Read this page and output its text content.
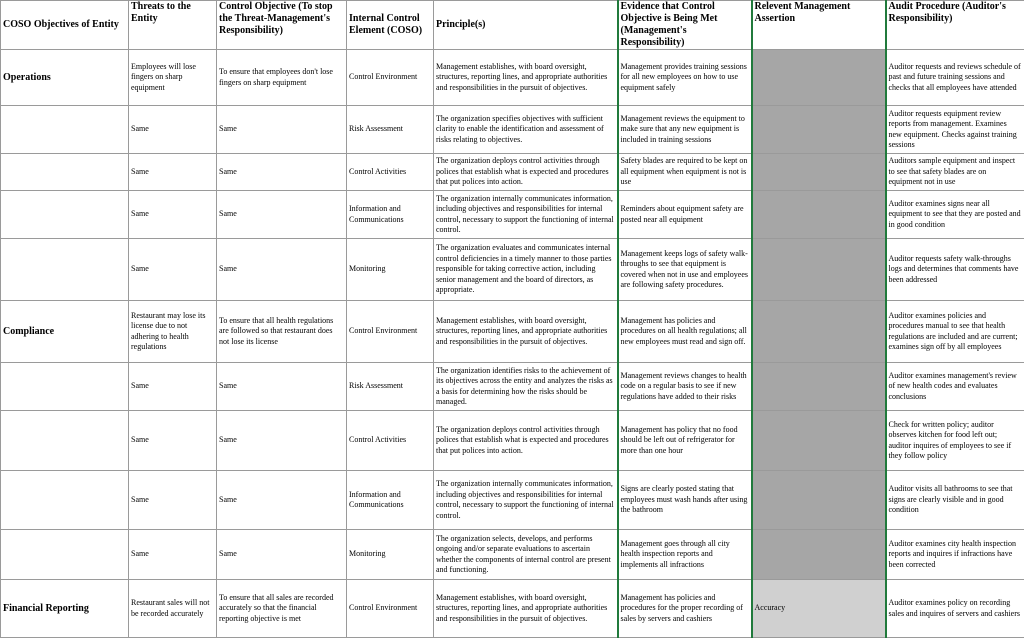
COSO Objectives of Entity	Threats to the Entity	Control Objective (To stop the Threat-Management's Responsibility)	Internal Control Element (COSO)	Principle(s)	Evidence that Control Objective is Being Met (Management's Responsibility)	Relevent Management Assertion	Audit Procedure (Auditor's Responsibility)
Operations	Employees will lose fingers on sharp equipment	To ensure that employees don't lose fingers on sharp equipment	Control Environment	Management establishes, with board oversight, structures, reporting lines, and appropriate authorities and responsibilities in the pursuit of objectives.	Management provides training sessions for all new employees on how to use equipment safely		Auditor requests and reviews schedule of past and future training sessions and checks that all employees have attended
	Same	Same	Risk Assessment	The organization specifies objectives with sufficient clarity to enable the identification and assessment of risks relating to objectives.	Management reviews the equipment to make sure that any new equipment is included in training sessions		Auditor requests equipment review reports from management. Examines new equipment. Checks against training sessions
	Same	Same	Control Activities	The organization deploys control activities through polices that establish what is expected and procedures that put polices into action.	Safety blades are required to be kept on all equipment when equipment is not is use		Auditors sample equipment and inspect to see that safety blades are on equipment not in use
	Same	Same	Information and Communications	The organization internally communicates information, including objectives and responsibilities for internal control, necessary to support the functioning of internal control.	Reminders about equipment safety are posted near all equipment		Auditor examines signs near all equipment to see that they are posted and in good condition
	Same	Same	Monitoring	The organization evaluates and communicates internal control deficiencies in a timely manner to those parties responsible for taking corrective action, including senior management and the board of directors, as appropriate.	Management keeps logs of safety walk-throughs to see that equipment is covered when not in use and employees are following safety procedures.		Auditor requests safety walk-throughs logs and determines that comments have been addressed
Compliance	Restaurant may lose its license due to not adhering to health regulations	To ensure that all health regulations are followed so that restaurant does not lose its license	Control Environment	Management establishes, with board oversight, structures, reporting lines, and appropriate authorities and responsibilities in the pursuit of objectives.	Management has policies and procedures on all health regulations; all new employees must read and sign off.		Auditor examines policies and procedures manual to see that health regulations are included and are current; examines sign off by all employees
	Same	Same	Risk Assessment	The organization identifies risks to the achievement of its objectives across the entity and analyzes the risks as a basis for determining how the risks should be managed.	Management reviews changes to health code on a regular basis to see if new regulations have added to their risks		Auditor examines management's review of new health codes and evaluates conclusions
	Same	Same	Control Activities	The organization deploys control activities through polices that establish what is expected and procedures that put polices into action.	Management has policy that no food should be left out of refrigerator for more than one hour		Check for written policy; auditor observes kitchen for food left out; auditor inquires of employees to see if they follow policy
	Same	Same	Information and Communications	The organization internally communicates information, including objectives and responsibilities for internal control, necessary to support the functioning of internal control.	Signs are clearly posted stating that employees must wash hands after using the bathroom		Auditor visits all bathrooms to see that signs are clearly visible and in good condition
	Same	Same	Monitoring	The organization selects, develops, and performs ongoing and/or separate evaluations to ascertain whether the components of internal control are present and functioning.	Management goes through all city health inspection reports and implements all infractions		Auditor examines city health inspection reports and inquires if infractions have been corrected
Financial Reporting	Restaurant sales will not be recorded accurately	To ensure that all sales are recorded accurately so that the financial reporting objective is met	Control Environment	Management establishes, with board oversight, structures, reporting lines, and appropriate authorities and responsibilities in the pursuit of objectives.	Management has policies and procedures for the proper recording of sales by servers and cashiers	Accuracy	Auditor examines policy on recording sales and inquires of servers and cashiers
